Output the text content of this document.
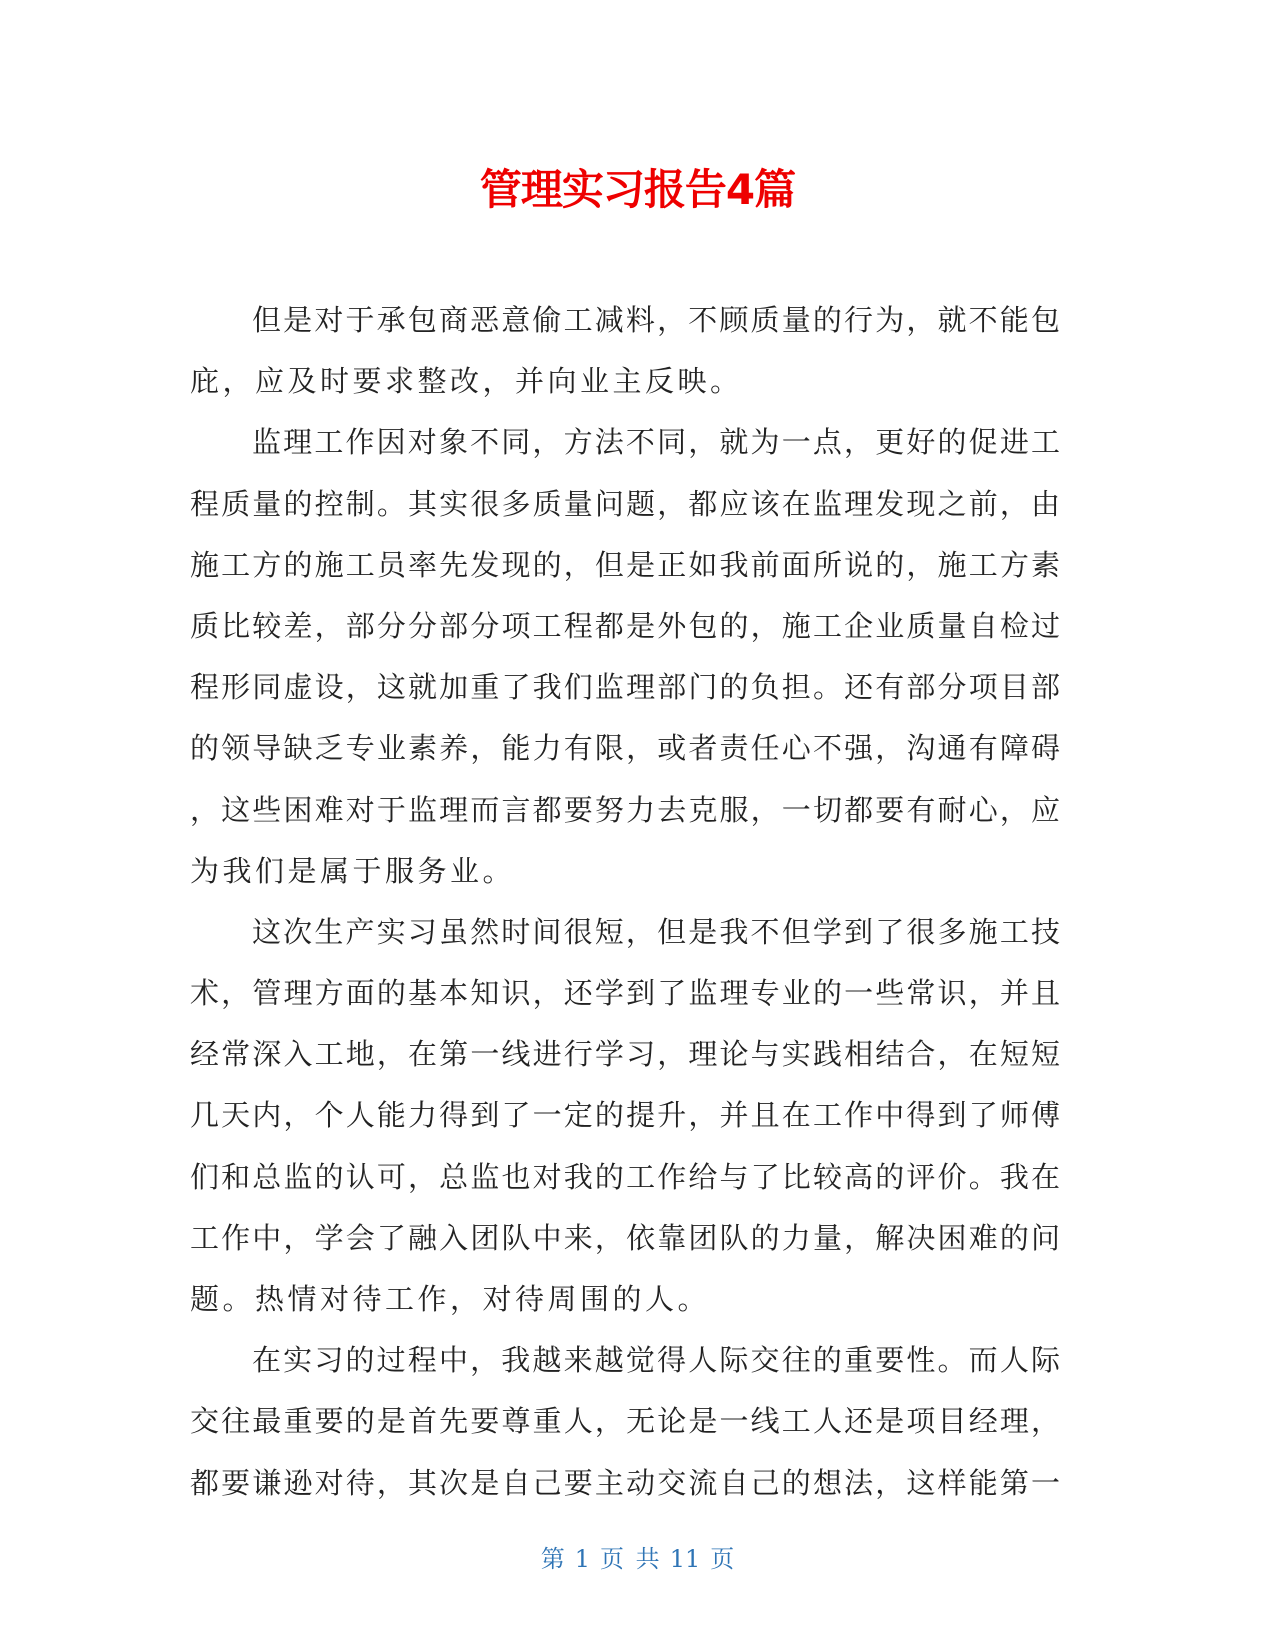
管理实习报告4篇
但是对于承包商恶意偷工减料，不顾质量的行为，就不能包
庇，应及时要求整改，并向业主反映。
监理工作因对象不同，方法不同，就为一点，更好的促进工
程质量的控制。其实很多质量问题，都应该在监理发现之前，由
施工方的施工员率先发现的，但是正如我前面所说的，施工方素
质比较差，部分分部分项工程都是外包的，施工企业质量自检过
程形同虚设，这就加重了我们监理部门的负担。还有部分项目部
的领导缺乏专业素养，能力有限，或者责任心不强，沟通有障碍
，这些困难对于监理而言都要努力去克服，一切都要有耐心，应
为我们是属于服务业。
这次生产实习虽然时间很短，但是我不但学到了很多施工技
术，管理方面的基本知识，还学到了监理专业的一些常识，并且
经常深入工地，在第一线进行学习，理论与实践相结合，在短短
几天内，个人能力得到了一定的提升，并且在工作中得到了师傅
们和总监的认可，总监也对我的工作给与了比较高的评价。我在
工作中，学会了融入团队中来，依靠团队的力量，解决困难的问
题。热情对待工作，对待周围的人。
在实习的过程中，我越来越觉得人际交往的重要性。而人际
交往最重要的是首先要尊重人，无论是一线工人还是项目经理，
都要谦逊对待，其次是自己要主动交流自己的想法，这样能第一
第 1 页 共 11 页
